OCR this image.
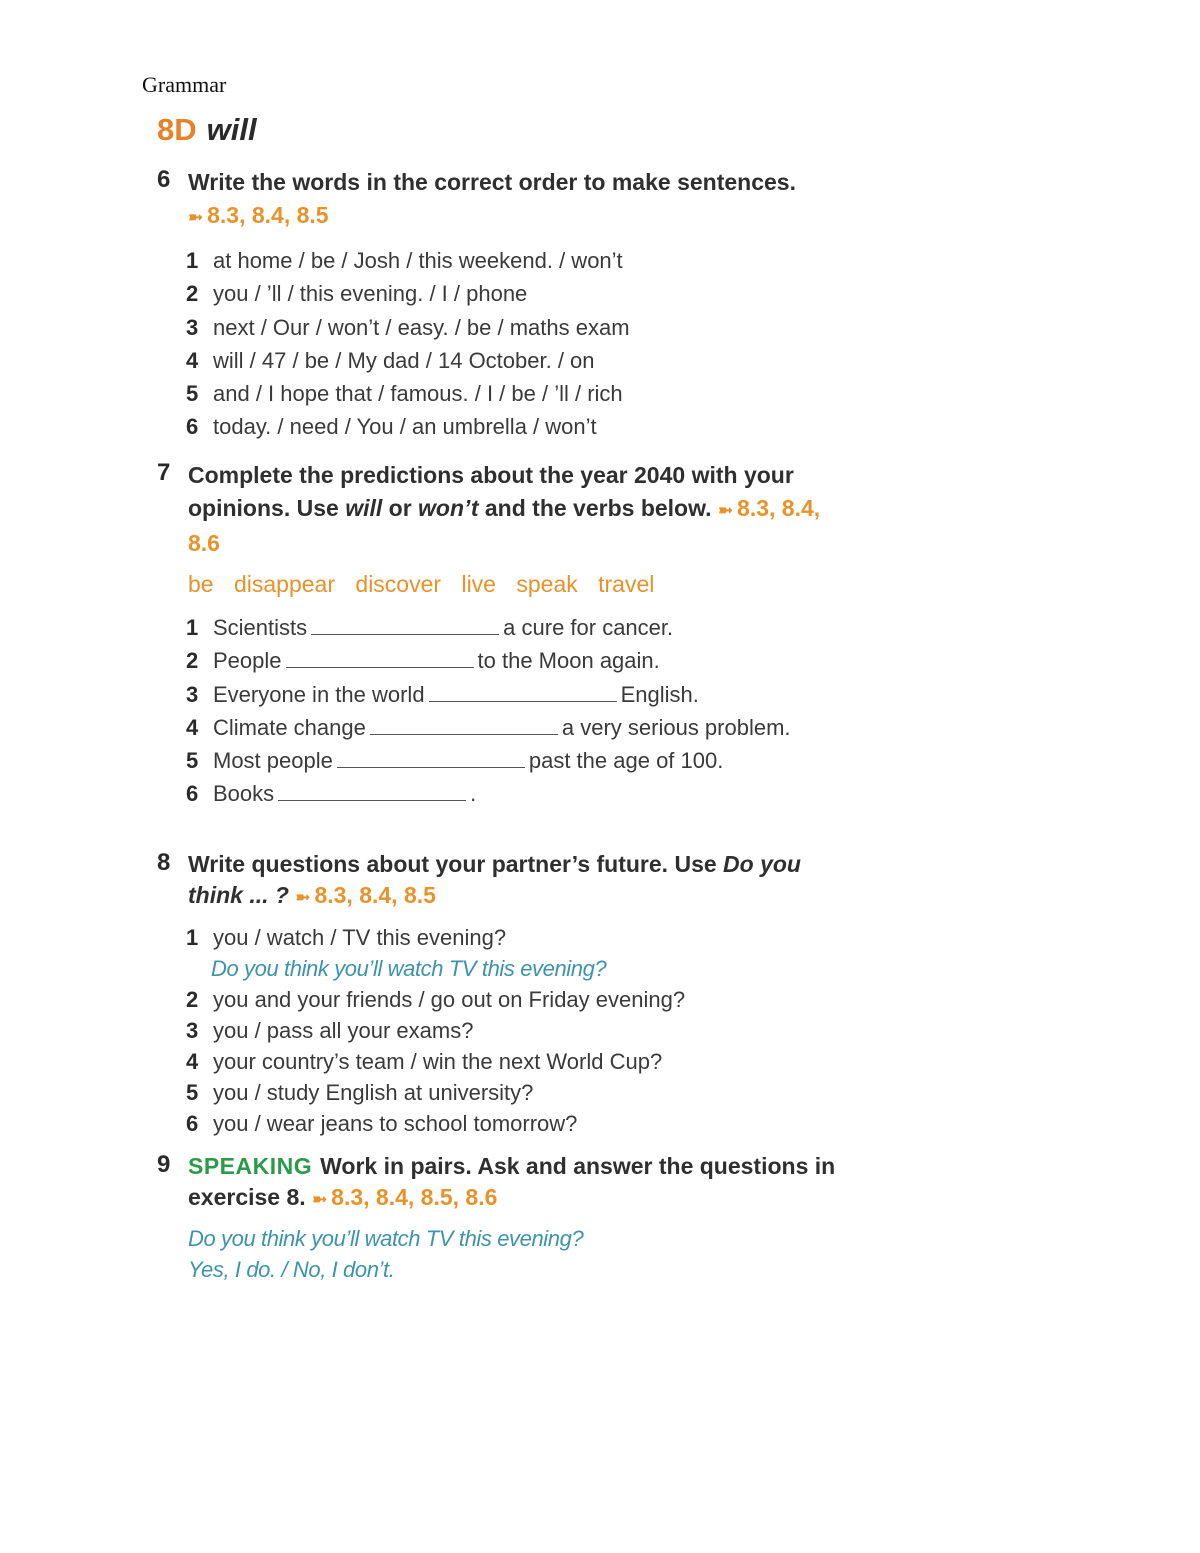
Grammar
8D will
6 Write the words in the correct order to make sentences.
➼ 8.3, 8.4, 8.5
1 at home / be / Josh / this weekend. / won’t
2 you / ’ll / this evening. / I / phone
3 next / Our / won’t / easy. / be / maths exam
4 will / 47 / be / My dad / 14 October. / on
5 and / I hope that / famous. / I / be / ’ll / rich
6 today. / need / You / an umbrella / won’t
7 Complete the predictions about the year 2040 with your
opinions. Use will or won’t and the verbs below. ➼ 8.3, 8.4,
8.6
be disappear discover live speak travel
1 Scientists	a cure for cancer.
2 People	to the Moon again.
3 Everyone in the world	English.
4 Climate change	a very serious problem.
5 Most people	past the age of 100.
6 Books	.
8 Write questions about your partner’s future. Use Do you
think ... ? ➼ 8.3, 8.4, 8.5
1 you / watch / TV this evening?
Do you think you’ll watch TV this evening?
2 you and your friends / go out on Friday evening?
3 you / pass all your exams?
4 your country’s team / win the next World Cup?
5 you / study English at university?
6 you / wear jeans to school tomorrow?
9 SPEAKING Work in pairs. Ask and answer the questions in
exercise 8. ➼ 8.3, 8.4, 8.5, 8.6
Do you think you’ll watch TV this evening?
Yes, I do. / No, I don’t.
